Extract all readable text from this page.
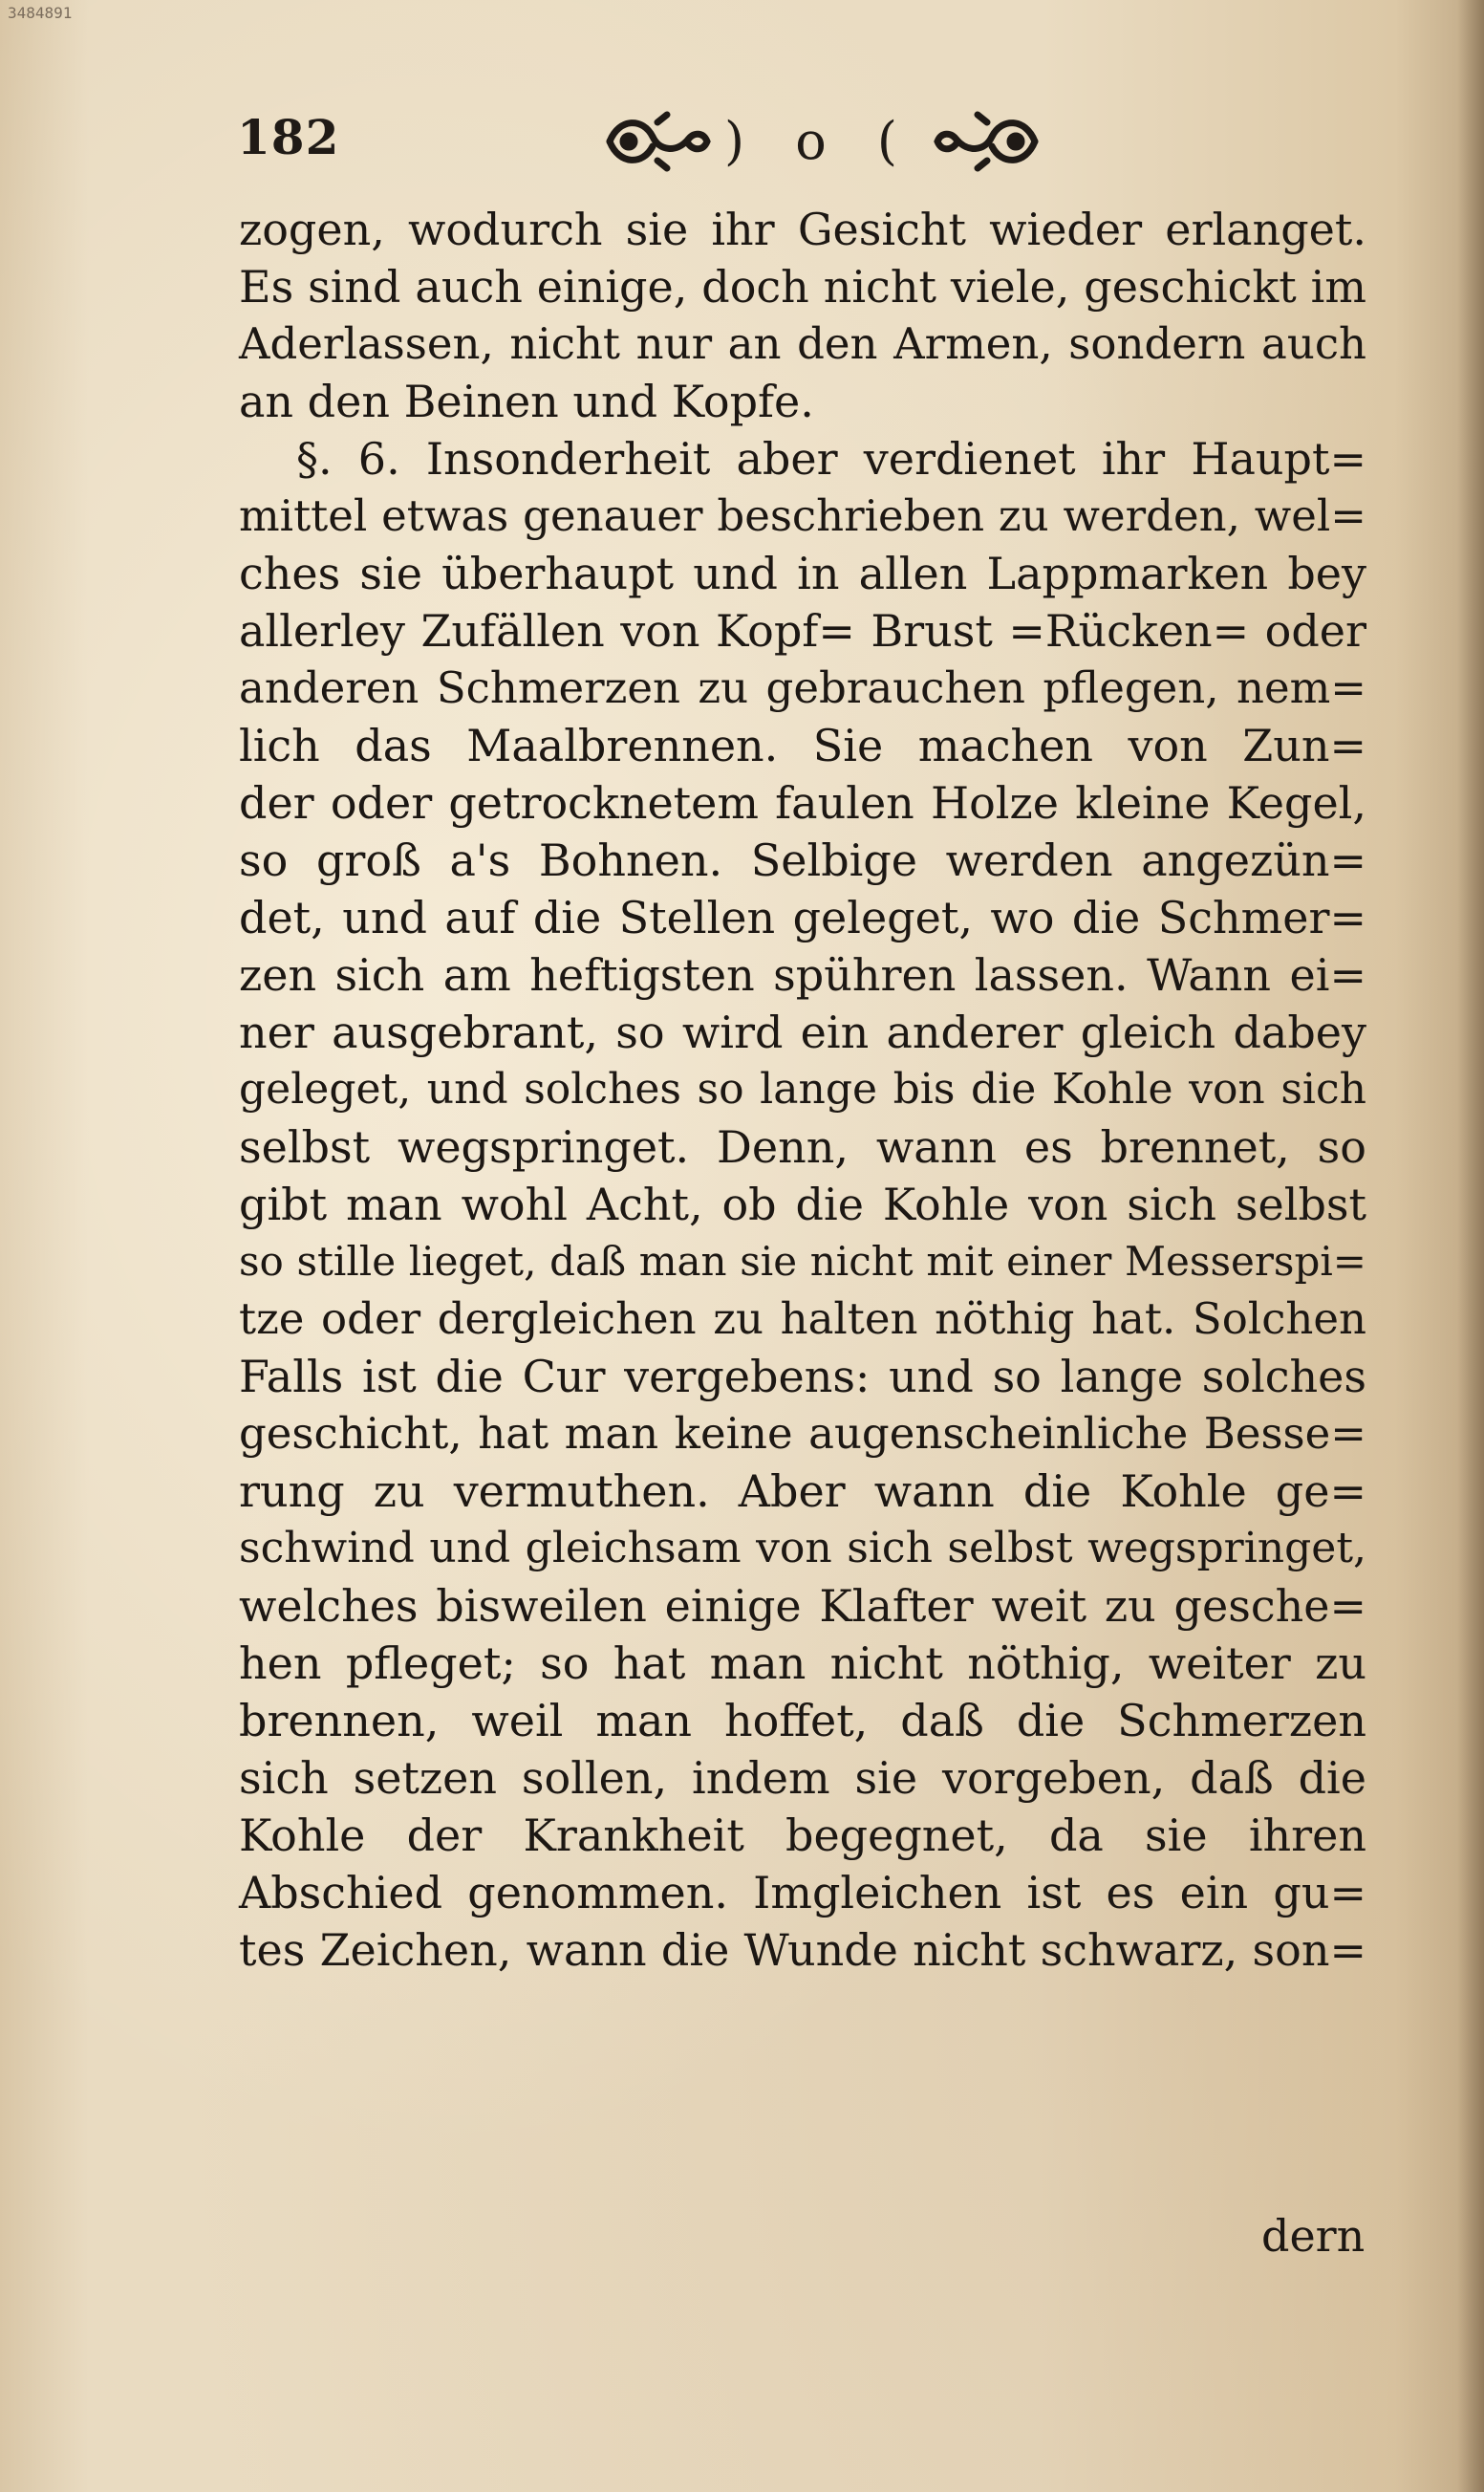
3484891
182	) o (
zogen, wodurch sie ihr Gesicht wieder erlanget.
Es sind auch einige, doch nicht viele, geschickt im
Aderlassen, nicht nur an den Armen, sondern auch
an den Beinen und Kopfe.
§. 6. Insonderheit aber verdienet ihr Haupt=
mittel etwas genauer beschrieben zu werden, wel=
ches sie überhaupt und in allen Lappmarken bey
allerley Zufällen von Kopf= Brust =Rücken= oder
anderen Schmerzen zu gebrauchen pflegen, nem=
lich das Maalbrennen. Sie machen von Zun=
der oder getrocknetem faulen Holze kleine Kegel,
so groß a's Bohnen. Selbige werden angezün=
det, und auf die Stellen geleget, wo die Schmer=
zen sich am heftigsten spühren lassen. Wann ei=
ner ausgebrant, so wird ein anderer gleich dabey
geleget, und solches so lange bis die Kohle von sich
selbst wegspringet. Denn, wann es brennet, so
gibt man wohl Acht, ob die Kohle von sich selbst
so stille lieget, daß man sie nicht mit einer Messerspi=
tze oder dergleichen zu halten nöthig hat. Solchen
Falls ist die Cur vergebens: und so lange solches
geschicht, hat man keine augenscheinliche Besse=
rung zu vermuthen. Aber wann die Kohle ge=
schwind und gleichsam von sich selbst wegspringet,
welches bisweilen einige Klafter weit zu gesche=
hen pfleget; so hat man nicht nöthig, weiter zu
brennen, weil man hoffet, daß die Schmerzen
sich setzen sollen, indem sie vorgeben, daß die
Kohle der Krankheit begegnet, da sie ihren
Abschied genommen. Imgleichen ist es ein gu=
tes Zeichen, wann die Wunde nicht schwarz, son=
dern
